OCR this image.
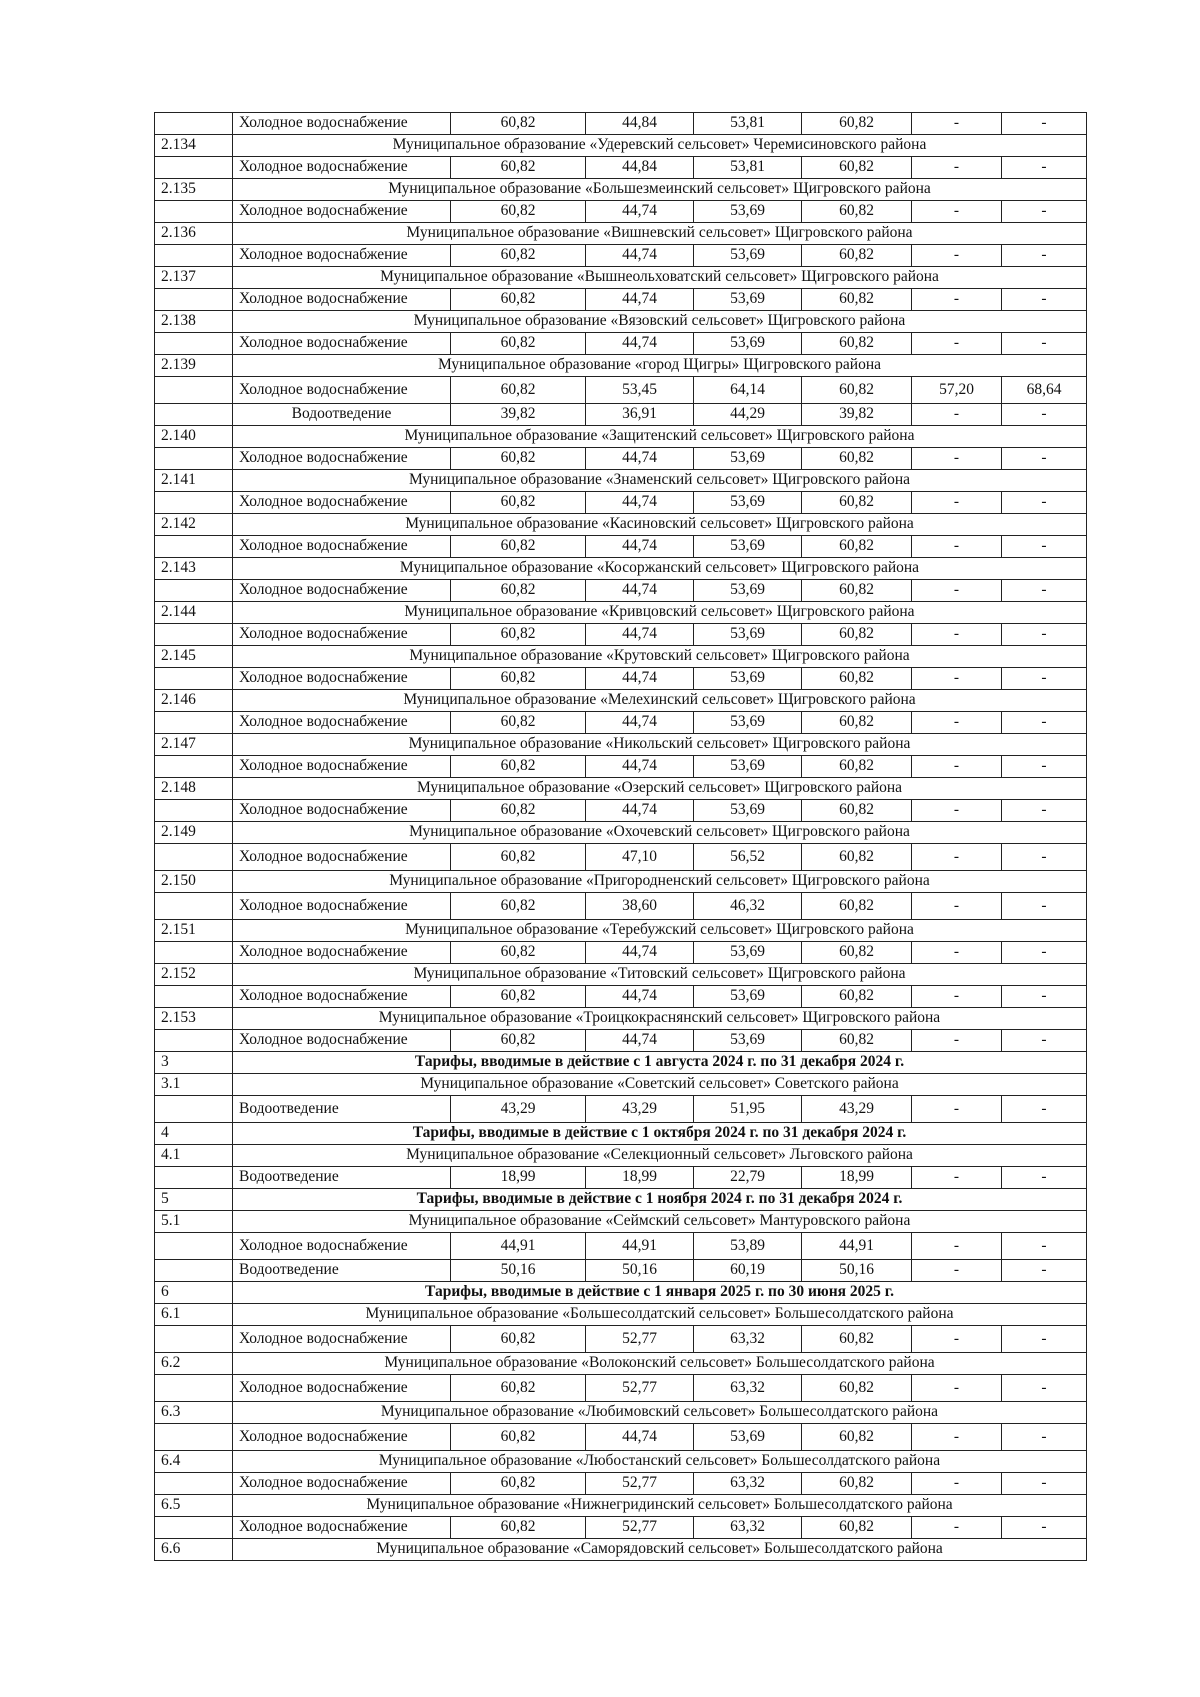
	Холодное водоснабжение	60,82	44,84	53,81	60,82	-	-
2.134	Муниципальное образование «Удеревский сельсовет» Черемисиновского района						
	Холодное водоснабжение	60,82	44,84	53,81	60,82	-	-
2.135	Муниципальное образование «Большезмеинский сельсовет» Щигровского района						
	Холодное водоснабжение	60,82	44,74	53,69	60,82	-	-
2.136	Муниципальное образование «Вишневский сельсовет» Щигровского района						
	Холодное водоснабжение	60,82	44,74	53,69	60,82	-	-
2.137	Муниципальное образование «Вышнеольховатский сельсовет» Щигровского района						
	Холодное водоснабжение	60,82	44,74	53,69	60,82	-	-
2.138	Муниципальное образование «Вязовский сельсовет» Щигровского района						
	Холодное водоснабжение	60,82	44,74	53,69	60,82	-	-
2.139	Муниципальное образование «город Щигры» Щигровского района						
	Холодное водоснабжение	60,82	53,45	64,14	60,82	57,20	68,64
	Водоотведение	39,82	36,91	44,29	39,82	-	-
2.140	Муниципальное образование «Защитенский сельсовет» Щигровского района						
	Холодное водоснабжение	60,82	44,74	53,69	60,82	-	-
2.141	Муниципальное образование «Знаменский сельсовет» Щигровского района						
	Холодное водоснабжение	60,82	44,74	53,69	60,82	-	-
2.142	Муниципальное образование «Касиновский сельсовет» Щигровского района						
	Холодное водоснабжение	60,82	44,74	53,69	60,82	-	-
2.143	Муниципальное образование «Косоржанский сельсовет» Щигровского района						
	Холодное водоснабжение	60,82	44,74	53,69	60,82	-	-
2.144	Муниципальное образование «Кривцовский сельсовет» Щигровского района						
	Холодное водоснабжение	60,82	44,74	53,69	60,82	-	-
2.145	Муниципальное образование «Крутовский сельсовет» Щигровского района						
	Холодное водоснабжение	60,82	44,74	53,69	60,82	-	-
2.146	Муниципальное образование «Мелехинский сельсовет» Щигровского района						
	Холодное водоснабжение	60,82	44,74	53,69	60,82	-	-
2.147	Муниципальное образование «Никольский сельсовет» Щигровского района						
	Холодное водоснабжение	60,82	44,74	53,69	60,82	-	-
2.148	Муниципальное образование «Озерский сельсовет» Щигровского района						
	Холодное водоснабжение	60,82	44,74	53,69	60,82	-	-
2.149	Муниципальное образование «Охочевский сельсовет» Щигровского района						
	Холодное водоснабжение	60,82	47,10	56,52	60,82	-	-
2.150	Муниципальное образование «Пригородненский сельсовет» Щигровского района						
	Холодное водоснабжение	60,82	38,60	46,32	60,82	-	-
2.151	Муниципальное образование «Теребужский сельсовет» Щигровского района						
	Холодное водоснабжение	60,82	44,74	53,69	60,82	-	-
2.152	Муниципальное образование «Титовский сельсовет» Щигровского района						
	Холодное водоснабжение	60,82	44,74	53,69	60,82	-	-
2.153	Муниципальное образование «Троицкокраснянский сельсовет» Щигровского района						
	Холодное водоснабжение	60,82	44,74	53,69	60,82	-	-
3	Тарифы, вводимые в действие с 1 августа 2024 г. по 31 декабря 2024 г.						
3.1	Муниципальное образование «Советский сельсовет» Советского района						
	Водоотведение	43,29	43,29	51,95	43,29	-	-
4	Тарифы, вводимые в действие с 1 октября 2024 г. по 31 декабря 2024 г.						
4.1	Муниципальное образование «Селекционный сельсовет» Льговского района						
	Водоотведение	18,99	18,99	22,79	18,99	-	-
5	Тарифы, вводимые в действие с 1 ноября 2024 г. по 31 декабря 2024 г.						
5.1	Муниципальное образование «Сеймский сельсовет» Мантуровского района						
	Холодное водоснабжение	44,91	44,91	53,89	44,91	-	-
	Водоотведение	50,16	50,16	60,19	50,16	-	-
6	Тарифы, вводимые в действие с 1 января 2025 г. по 30 июня 2025 г.						
6.1	Муниципальное образование «Большесолдатский сельсовет» Большесолдатского района						
	Холодное водоснабжение	60,82	52,77	63,32	60,82	-	-
6.2	Муниципальное образование «Волоконский сельсовет» Большесолдатского района						
	Холодное водоснабжение	60,82	52,77	63,32	60,82	-	-
6.3	Муниципальное образование «Любимовский сельсовет» Большесолдатского района						
	Холодное водоснабжение	60,82	44,74	53,69	60,82	-	-
6.4	Муниципальное образование «Любостанский сельсовет» Большесолдатского района						
	Холодное водоснабжение	60,82	52,77	63,32	60,82	-	-
6.5	Муниципальное образование «Нижнегридинский сельсовет» Большесолдатского района						
	Холодное водоснабжение	60,82	52,77	63,32	60,82	-	-
6.6	Муниципальное образование «Саморядовский сельсовет» Большесолдатского района						
